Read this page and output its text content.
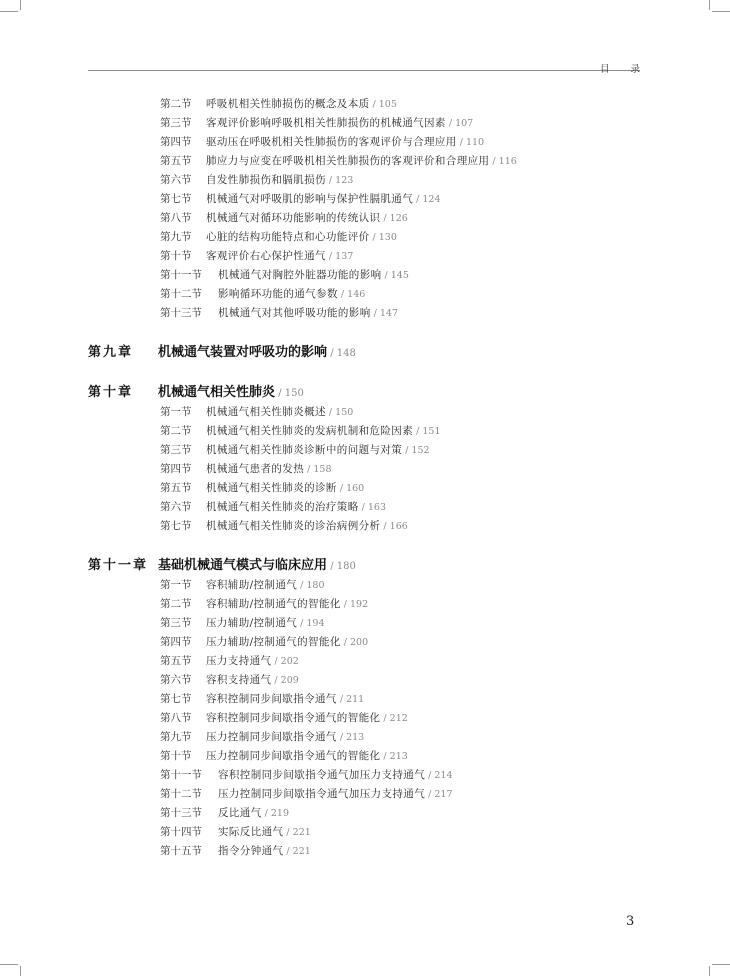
目 录
第二节 呼吸机相关性肺损伤的概念及本质 / 105
第三节 客观评价影响呼吸机相关性肺损伤的机械通气因素 / 107
第四节 驱动压在呼吸机相关性肺损伤的客观评价与合理应用 / 110
第五节 肺应力与应变在呼吸机相关性肺损伤的客观评价和合理应用 / 116
第六节 自发性肺损伤和膈肌损伤 / 123
第七节 机械通气对呼吸肌的影响与保护性膈肌通气 / 124
第八节 机械通气对循环功能影响的传统认识 / 126
第九节 心脏的结构功能特点和心功能评价 / 130
第十节 客观评价右心保护性通气 / 137
第十一节 机械通气对胸腔外脏器功能的影响 / 145
第十二节 影响循环功能的通气参数 / 146
第十三节 机械通气对其他呼吸功能的影响 / 147
第九章 机械通气装置对呼吸功的影响 / 148
第十章 机械通气相关性肺炎 / 150
第一节 机械通气相关性肺炎概述 / 150
第二节 机械通气相关性肺炎的发病机制和危险因素 / 151
第三节 机械通气相关性肺炎诊断中的问题与对策 / 152
第四节 机械通气患者的发热 / 158
第五节 机械通气相关性肺炎的诊断 / 160
第六节 机械通气相关性肺炎的治疗策略 / 163
第七节 机械通气相关性肺炎的诊治病例分析 / 166
第十一章 基础机械通气模式与临床应用 / 180
第一节 容积辅助/控制通气 / 180
第二节 容积辅助/控制通气的智能化 / 192
第三节 压力辅助/控制通气 / 194
第四节 压力辅助/控制通气的智能化 / 200
第五节 压力支持通气 / 202
第六节 容积支持通气 / 209
第七节 容积控制同步间歇指令通气 / 211
第八节 容积控制同步间歇指令通气的智能化 / 212
第九节 压力控制同步间歇指令通气 / 213
第十节 压力控制同步间歇指令通气的智能化 / 213
第十一节 容积控制同步间歇指令通气加压力支持通气 / 214
第十二节 压力控制同步间歇指令通气加压力支持通气 / 217
第十三节 反比通气 / 219
第十四节 实际反比通气 / 221
第十五节 指令分钟通气 / 221
3
